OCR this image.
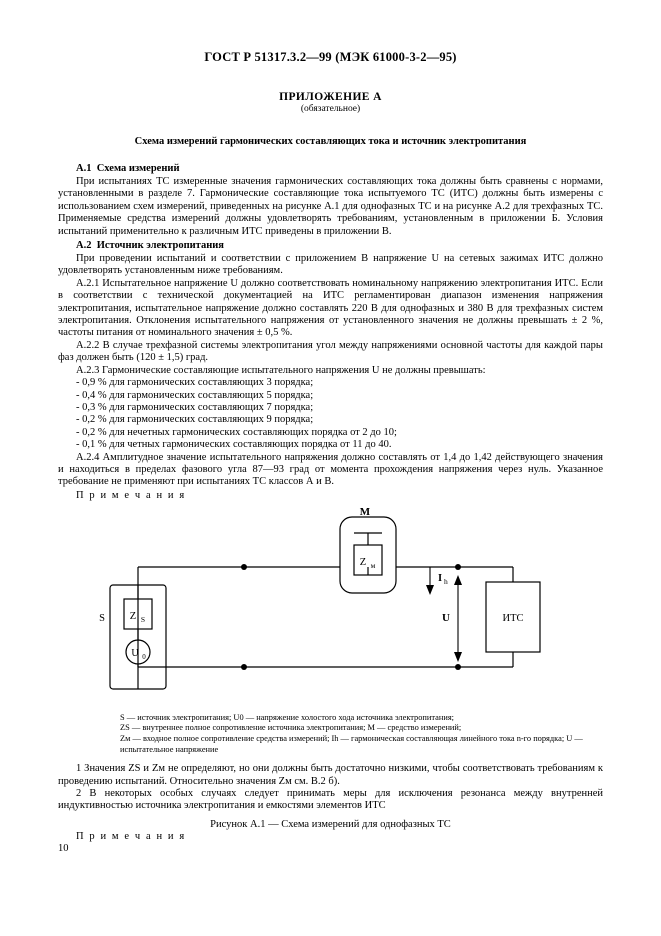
ГОСТ Р 51317.3.2—99 (МЭК 61000-3-2—95)
ПРИЛОЖЕНИЕ А
(обязательное)
Схема измерений гармонических составляющих тока и источник электропитания
А.1 Схема измерений

При испытаниях ТС измеренные значения гармонических составляющих тока должны быть сравнены с нормами, установленными в разделе 7. Гармонические составляющие тока испытуемого ТС (ИТС) должны быть измерены с использованием схем измерений, приведенных на рисунке А.1 для однофазных ТС и на рисунке А.2 для трехфазных ТС. Применяемые средства измерений должны удовлетворять требованиям, установленным в приложении Б. Условия испытаний применительно к различным ИТС приведены в приложении В.

А.2 Источник электропитания

При проведении испытаний и соответствии с приложением В напряжение U на сетевых зажимах ИТС должно удовлетворять установленным ниже требованиям.

А.2.1 Испытательное напряжение U должно соответствовать номинальному напряжению электропитания ИТС. Если в соответствии с технической документацией на ИТС регламентирован диапазон изменения напряжения электропитания, испытательное напряжение должно составлять 220 В для однофазных и 380 В для трехфазных систем электропитания. Отклонения испытательного напряжения от установленного значения не должны превышать ± 2 %, частоты питания от номинального значения ± 0,5 %.

А.2.2 В случае трехфазной системы электропитания угол между напряжениями основной частоты для каждой пары фаз должен быть (120 ± 1,5) град.

А.2.3 Гармонические составляющие испытательного напряжения U не должны превышать:

- 0,9 % для гармонических составляющих 3 порядка;
- 0,4 % для гармонических составляющих 5 порядка;
- 0,3 % для гармонических составляющих 7 порядка;
- 0,2 % для гармонических составляющих 9 порядка;
- 0,2 % для нечетных гармонических составляющих порядка от 2 до 10;
- 0,1 % для четных гармонических составляющих порядка от 11 до 40.

А.2.4 Амплитудное значение испытательного напряжения должно составлять от 1,4 до 1,42 действующего значения и находиться в пределах фазового угла 87—93 град от момента прохождения напряжения через нуль. Указанное требование не применяют при испытаниях ТС классов А и В.

П р и м е ч а н и я
M
Z м
I h
U	ИТС
S Z S
U 0
S — источник электропитания; U0 — напряжение холостого хода источника электропитания;
ZS — внутреннее полное сопротивление источника электропитания; М — средство измерений;
Zм — входное полное сопротивление средства измерений; Ih — гармоническая составляющая линейного тока n-го порядка; U — испытательное напряжение

1 Значения ZS и Zм не определяют, но они должны быть достаточно низкими, чтобы соответствовать требованиям к проведению испытаний. Относительно значения Zм см. В.2 б).

2 В некоторых особых случаях следует принимать меры для исключения резонанса между внутренней индуктивностью источника электропитания и емкостями элементов ИТС

Рисунок А.1 — Схема измерений для однофазных ТС
П р и м е ч а н и я
10
